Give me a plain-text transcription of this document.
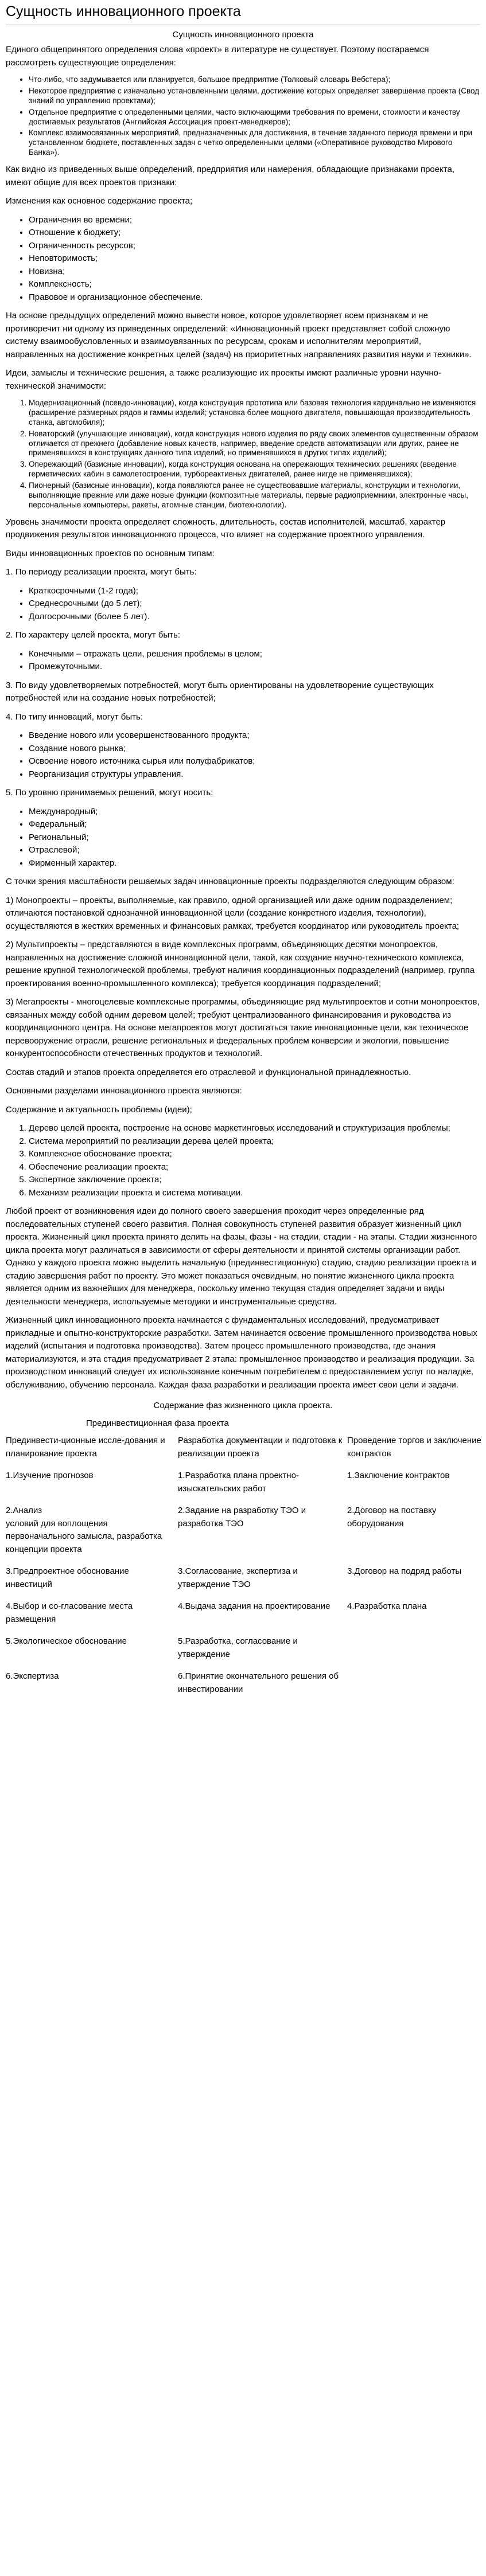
Сущность инновационного проекта

Сущность инновационного проекта

Единого общепринятого определения слова «проект» в литературе не существует. Поэтому постараемся рассмотреть существующие определения:

• Что-либо, что задумывается или планируется, большое предприятие (Толковый словарь Вебстера);
• Некоторое предприятие с изначально установленными целями, достижение которых определяет завершение проекта (Свод знаний по управлению проектами);
• Отдельное предприятие с определенными целями, часто включающими требования по времени, стоимости и качеству достигаемых результатов (Английская Ассоциация проект-менеджеров);
• Комплекс взаимосвязанных мероприятий, предназначенных для достижения, в течение заданного периода времени и при установленном бюджете, поставленных задач с четко определенными целями («Оперативное руководство Мирового Банка»).

Как видно из приведенных выше определений, предприятия или намерения, обладающие признаками проекта, имеют общие для всех проектов признаки:

Изменения как основное содержание проекта;

• Ограничения во времени;
• Отношение к бюджету;
• Ограниченность ресурсов;
• Неповторимость;
• Новизна;
• Комплексность;
• Правовое и организационное обеспечение.

На основе предыдущих определений можно вывести новое, которое удовлетворяет всем признакам и не противоречит ни одному из приведенных определений: «Инновационный проект представляет собой сложную систему взаимообусловленных и взаимоувязанных по ресурсам, срокам и исполнителям мероприятий, направленных на достижение конкретных целей (задач) на приоритетных направлениях развития науки и техники».

Идеи, замыслы и технические решения, а также реализующие их проекты имеют различные уровни научно-технической значимости:

1. Модернизационный (псевдо-инновации), когда конструкция прототипа или базовая технология кардинально не изменяются (расширение размерных рядов и гаммы изделий; установка более мощного двигателя, повышающая производительность станка, автомобиля);
2. Новаторский (улучшающие инновации), когда конструкция нового изделия по ряду своих элементов существенным образом отличается от прежнего (добавление новых качеств, например, введение средств автоматизации или других, ранее не применявшихся в конструкциях данного типа изделий, но применявшихся в других типах изделий);
3. Опережающий (базисные инновации), когда конструкция основана на опережающих технических решениях (введение герметических кабин в самолетостроении, турбореактивных двигателей, ранее нигде не применявшихся);
4. Пионерный (базисные инновации), когда появляются ранее не существовавшие материалы, конструкции и технологии, выполняющие прежние или даже новые функции (композитные материалы, первые радиоприемники, электронные часы, персональные компьютеры, ракеты, атомные станции, биотехнологии).

Уровень значимости проекта определяет сложность, длительность, состав исполнителей, масштаб, характер продвижения результатов инновационного процесса, что влияет на содержание проектного управления.

Виды инновационных проектов по основным типам:

1. По периоду реализации проекта, могут быть:

• Краткосрочными (1-2 года);
• Среднесрочными (до 5 лет);
• Долгосрочными (более 5 лет).

2. По характеру целей проекта, могут быть:

• Конечными – отражать цели, решения проблемы в целом;
• Промежуточными.

3. По виду удовлетворяемых потребностей, могут быть ориентированы на удовлетворение существующих потребностей или на создание новых потребностей;

4. По типу инноваций, могут быть:

• Введение нового или усовершенствованного продукта;
• Создание нового рынка;
• Освоение нового источника сырья или полуфабрикатов;
• Реорганизация структуры управления.

5. По уровню принимаемых решений, могут носить:

• Международный;
• Федеральный;
• Региональный;
• Отраслевой;
• Фирменный характер.

С точки зрения масштабности решаемых задач инновационные проекты подразделяются следующим образом:

1) Монопроекты – проекты, выполняемые, как правило, одной организацией или даже одним подразделением; отличаются постановкой однозначной инновационной цели (создание конкретного изделия, технологии), осуществляются в жестких временных и финансовых рамках, требуется координатор или руководитель проекта;

2) Мультипроекты – представляются в виде комплексных программ, объединяющих десятки монопроектов, направленных на достижение сложной инновационной цели, такой, как создание научно-технического комплекса, решение крупной технологической проблемы, требуют наличия координационных подразделений (например, группа проектирования военно-промышленного комплекса); требуется координация подразделений;

3) Мегапроекты - многоцелевые комплексные программы, объединяющие ряд мультипроектов и сотни монопроектов, связанных между собой одним деревом целей; требуют централизованного финансирования и руководства из координационного центра. На основе мегапроектов могут достигаться такие инновационные цели, как техническое перевооружение отрасли, решение региональных и федеральных проблем конверсии и экологии, повышение конкурентоспособности отечественных продуктов и технологий.

Состав стадий и этапов проекта определяется его отраслевой и функциональной принадлежностью.

Основными разделами инновационного проекта являются:

Содержание и актуальность проблемы (идеи);

1. Дерево целей проекта, построение на основе маркетинговых исследований и структуризация проблемы;
2. Система мероприятий по реализации дерева целей проекта;
3. Комплексное обоснование проекта;
4. Обеспечение реализации проекта;
5. Экспертное заключение проекта;
6. Механизм реализации проекта и система мотивации.

Любой проект от возникновения идеи до полного своего завершения проходит через определенные ряд последовательных ступеней своего развития. Полная совокупность ступеней развития образует жизненный цикл проекта. Жизненный цикл проекта принято делить на фазы, фазы - на стадии, стадии - на этапы. Стадии жизненного цикла проекта могут различаться в зависимости от сферы деятельности и принятой системы организации работ. Однако у каждого проекта можно выделить начальную (прединвестиционную) стадию, стадию реализации проекта и стадию завершения работ по проекту. Это может показаться очевидным, но понятие жизненного цикла проекта является одним из важнейших для менеджера, поскольку именно текущая стадия определяет задачи и виды деятельности менеджера, используемые методики и инструментальные средства.

Жизненный цикл инновационного проекта начинается с фундаментальных исследований, предусматривает прикладные и опытно-конструкторские разработки. Затем начинается освоение промышленного производства новых изделий (испытания и подготовка производства). Затем процесс промышленного производства, где знания материализуются, и эта стадия предусматривает 2 этапа: промышленное производство и реализация продукции. За производством инноваций следует их использование конечным потребителем с предоставлением услуг по наладке, обслуживанию, обучению персонала. Каждая фаза разработки и реализации проекта имеет свои цели и задачи.

Содержание фаз жизненного цикла проекта.

Прединвестиционная фаза проекта

Прединвести-ционные иссле-дования и планирование проекта	Разработка документации и подготовка к реализации проекта	Проведение торгов и заключение контрактов
1.Изучение прогнозов	1.Разработка плана проектно-изыскательских работ	1.Заключение контрактов
2.Анализ
условий для воплощения первоначального замысла, разработка
концепции проекта	2.Задание на разработку ТЭО и разработка ТЭО	2.Договор на поставку оборудования
3.Предпроектное обоснование инвестиций	3.Согласование, экспертиза и утверждение ТЭО	3.Договор на подряд работы
4.Выбор и со-гласование места размещения	4.Выдача задания на проектирование	4.Разработка плана
5.Экологическое обоснование	5.Разработка, согласование и утверждение	
6.Экспертиза	6.Принятие окончательного решения об инвестировании	
